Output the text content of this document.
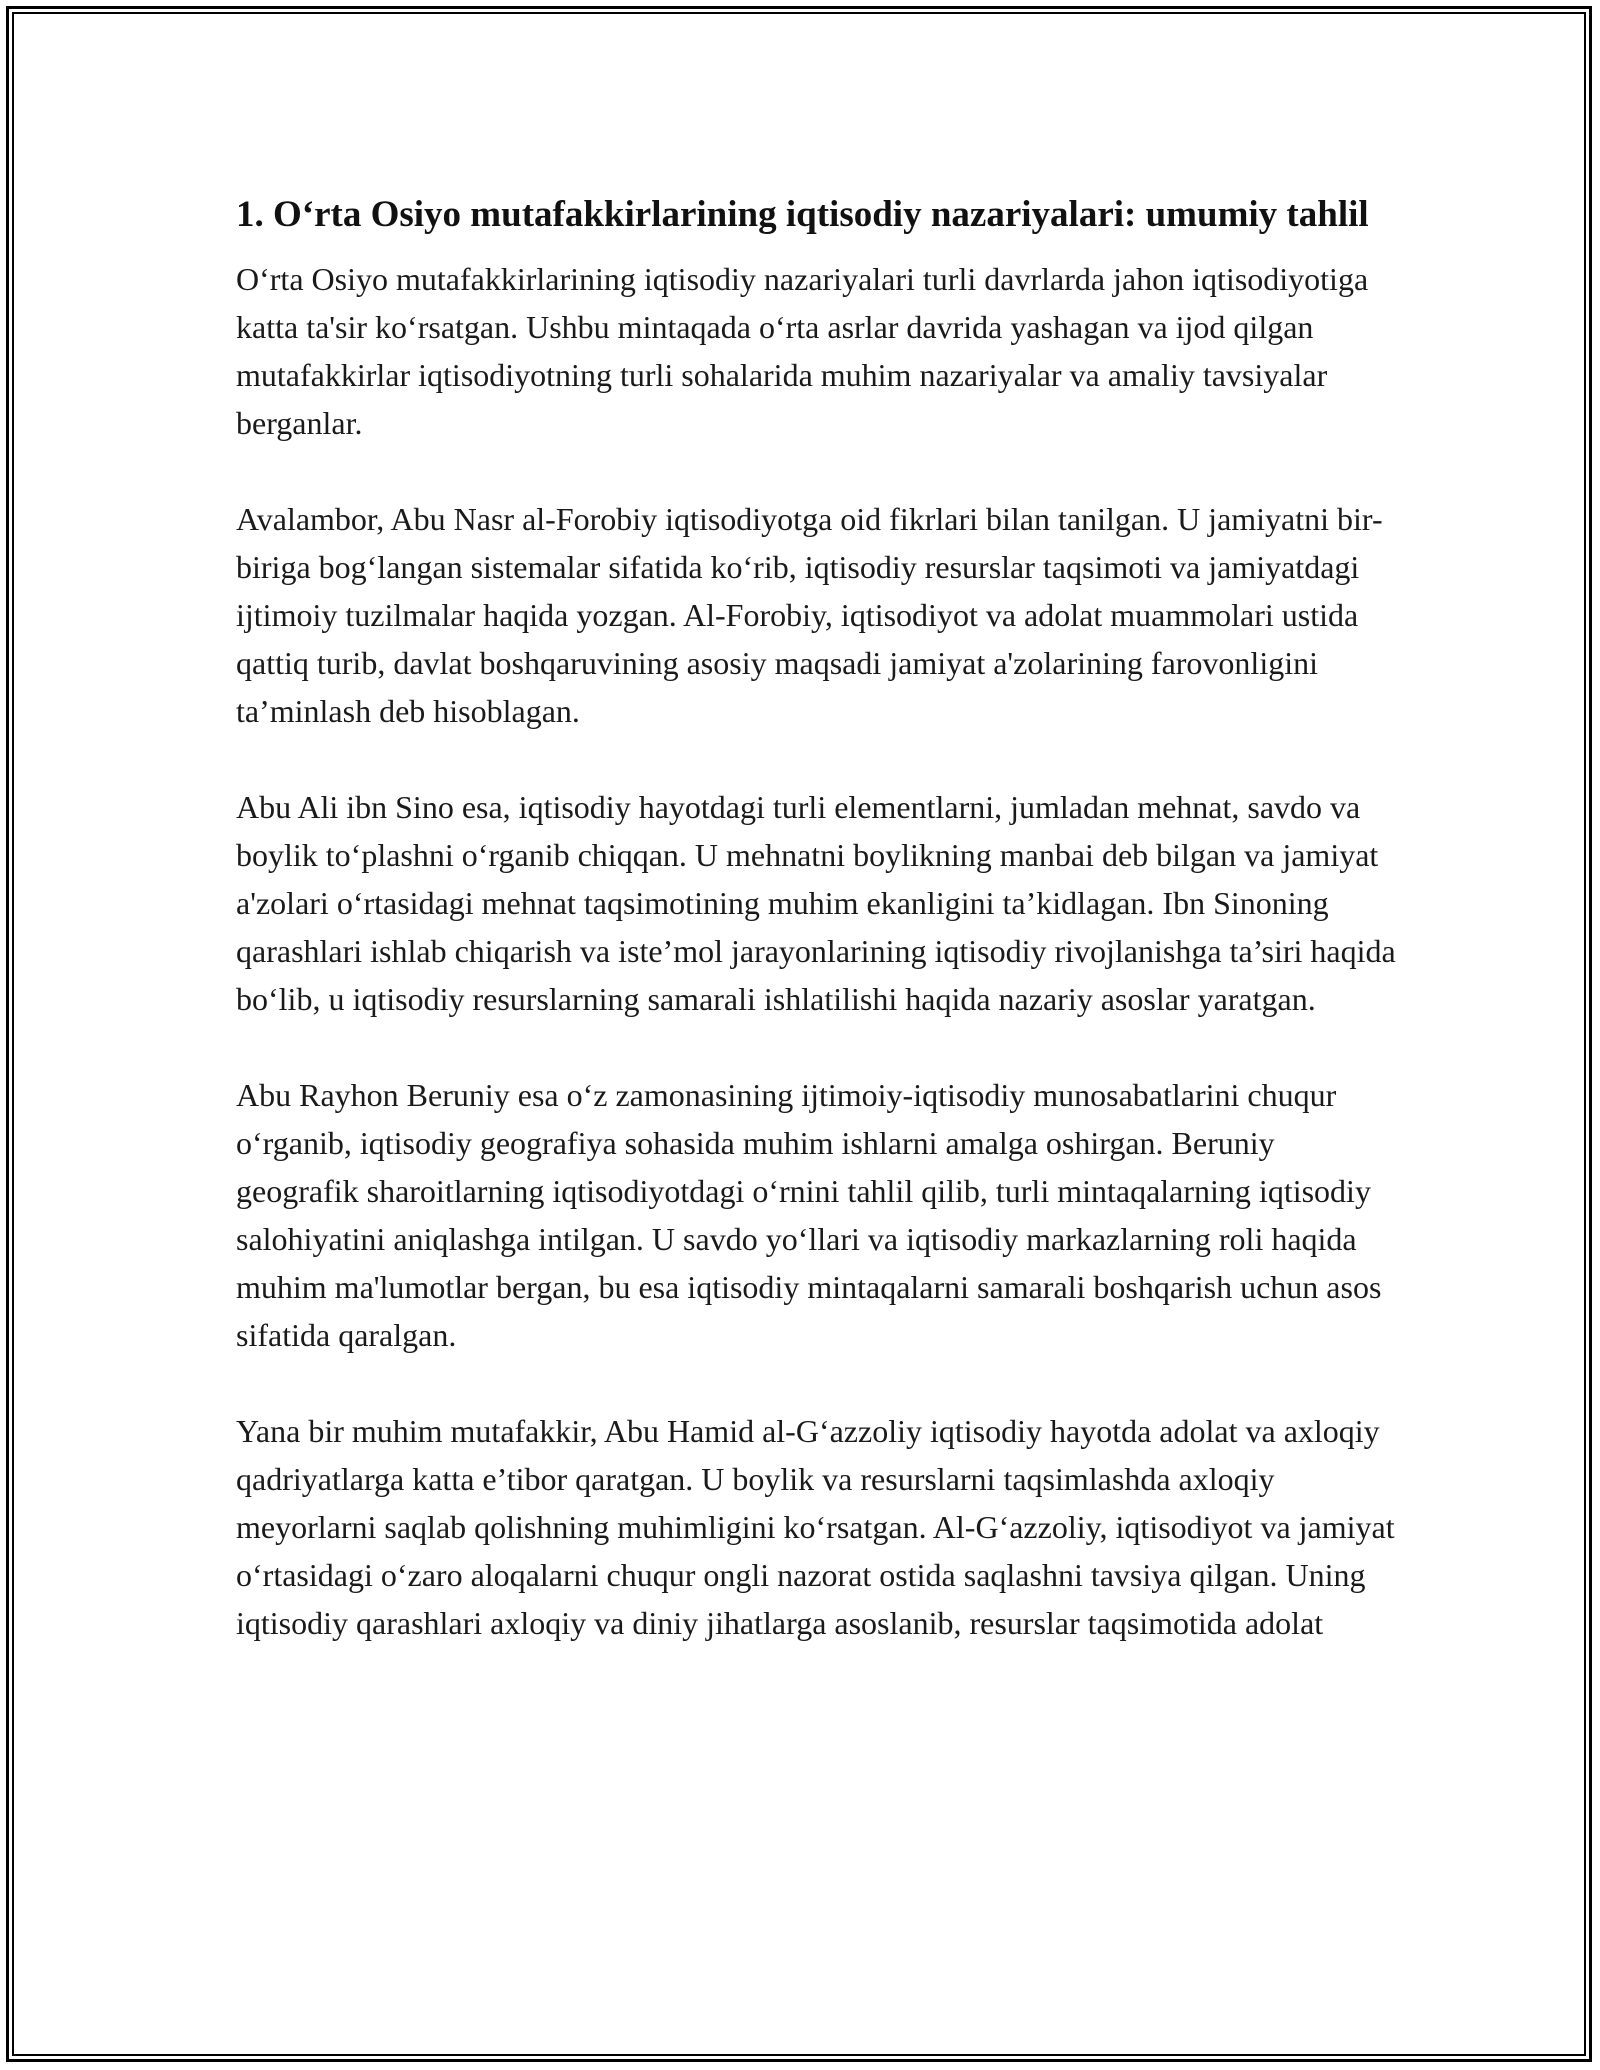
1. O‘rta Osiyo mutafakkirlarining iqtisodiy nazariyalari: umumiy tahlil

O‘rta Osiyo mutafakkirlarining iqtisodiy nazariyalari turli davrlarda jahon iqtisodiyotiga katta ta'sir ko‘rsatgan. Ushbu mintaqada o‘rta asrlar davrida yashagan va ijod qilgan mutafakkirlar iqtisodiyotning turli sohalarida muhim nazariyalar va amaliy tavsiyalar berganlar.

Avalambor, Abu Nasr al-Forobiy iqtisodiyotga oid fikrlari bilan tanilgan. U jamiyatni bir-biriga bog‘langan sistemalar sifatida ko‘rib, iqtisodiy resurslar taqsimoti va jamiyatdagi ijtimoiy tuzilmalar haqida yozgan. Al-Forobiy, iqtisodiyot va adolat muammolari ustida qattiq turib, davlat boshqaruvining asosiy maqsadi jamiyat a'zolarining farovonligini ta’minlash deb hisoblagan.

Abu Ali ibn Sino esa, iqtisodiy hayotdagi turli elementlarni, jumladan mehnat, savdo va boylik to‘plashni o‘rganib chiqqan. U mehnatni boylikning manbai deb bilgan va jamiyat a'zolari o‘rtasidagi mehnat taqsimotining muhim ekanligini ta’kidlagan. Ibn Sinoning qarashlari ishlab chiqarish va iste’mol jarayonlarining iqtisodiy rivojlanishga ta’siri haqida bo‘lib, u iqtisodiy resurslarning samarali ishlatilishi haqida nazariy asoslar yaratgan.

Abu Rayhon Beruniy esa o‘z zamonasining ijtimoiy-iqtisodiy munosabatlarini chuqur o‘rganib, iqtisodiy geografiya sohasida muhim ishlarni amalga oshirgan. Beruniy geografik sharoitlarning iqtisodiyotdagi o‘rnini tahlil qilib, turli mintaqalarning iqtisodiy salohiyatini aniqlashga intilgan. U savdo yo‘llari va iqtisodiy markazlarning roli haqida muhim ma'lumotlar bergan, bu esa iqtisodiy mintaqalarni samarali boshqarish uchun asos sifatida qaralgan.

Yana bir muhim mutafakkir, Abu Hamid al-G‘azzoliy iqtisodiy hayotda adolat va axloqiy qadriyatlarga katta e’tibor qaratgan. U boylik va resurslarni taqsimlashda axloqiy meyorlarni saqlab qolishning muhimligini ko‘rsatgan. Al-G‘azzoliy, iqtisodiyot va jamiyat o‘rtasidagi o‘zaro aloqalarni chuqur ongli nazorat ostida saqlashni tavsiya qilgan. Uning iqtisodiy qarashlari axloqiy va diniy jihatlarga asoslanib, resurslar taqsimotida adolat
